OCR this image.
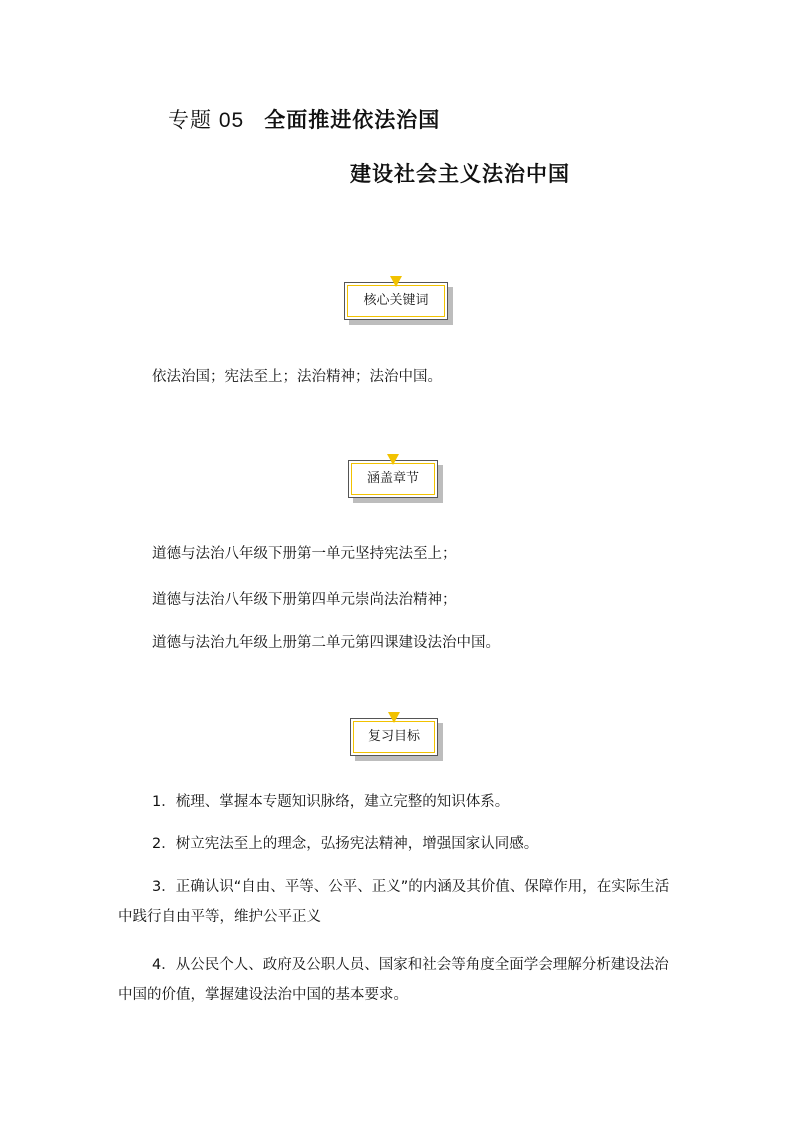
专题 05 全面推进依法治国
建设社会主义法治中国
核心关键词
依法治国；宪法至上；法治精神；法治中国。
涵盖章节
道德与法治八年级下册第一单元坚持宪法至上；
道德与法治八年级下册第四单元崇尚法治精神；
道德与法治九年级上册第二单元第四课建设法治中国。
复习目标
1．梳理、掌握本专题知识脉络，建立完整的知识体系。
2．树立宪法至上的理念，弘扬宪法精神，增强国家认同感。
3．正确认识“自由、平等、公平、正义”的内涵及其价值、保障作用，在实际生活中践行自由平等，维护公平正义
4．从公民个人、政府及公职人员、国家和社会等角度全面学会理解分析建设法治中国的价值，掌握建设法治中国的基本要求。
